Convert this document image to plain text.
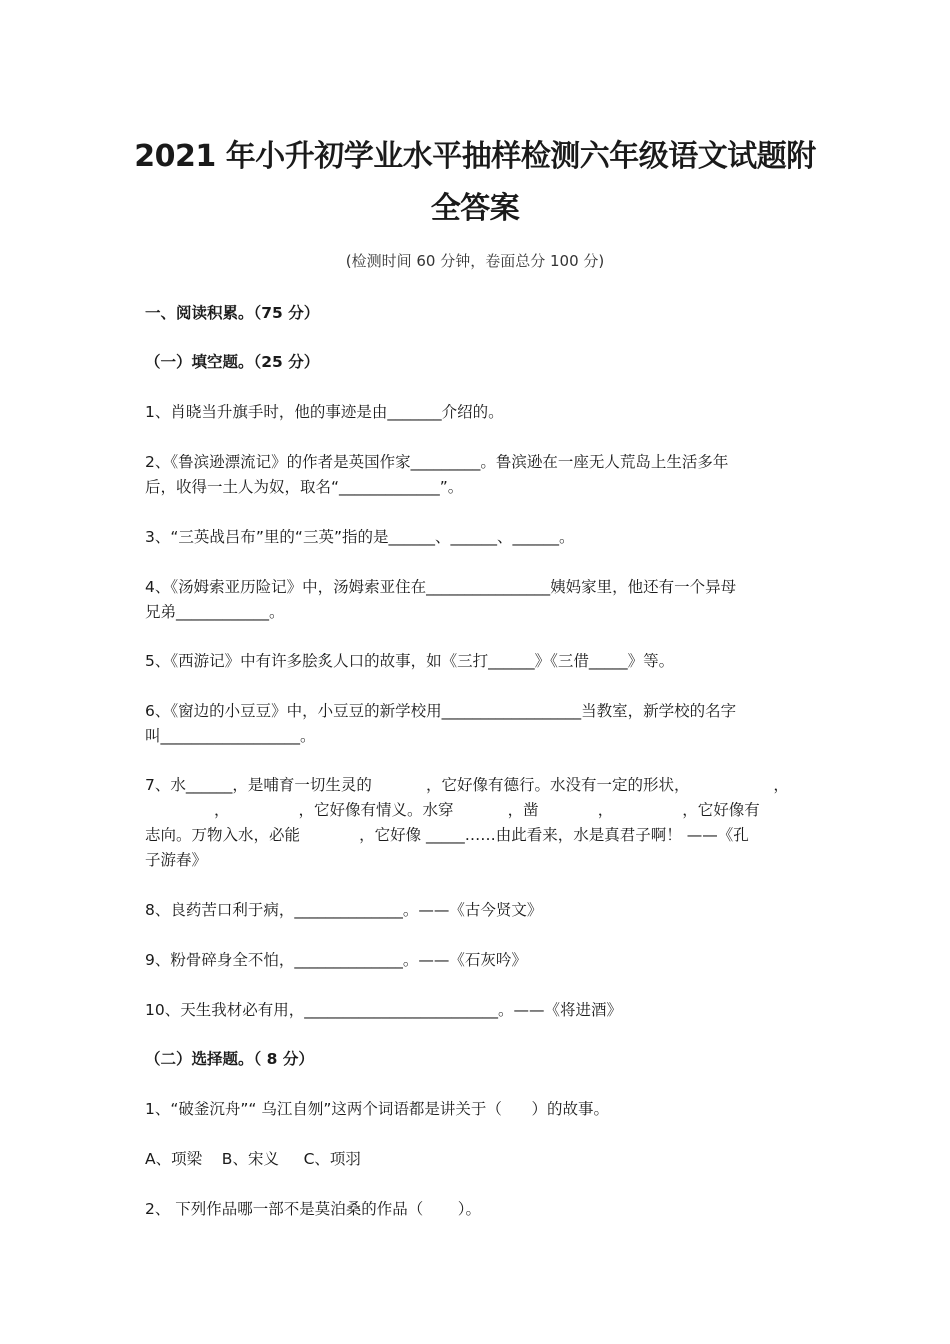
2021 年小升初学业水平抽样检测六年级语文试题附
全答案
(检测时间 60 分钟，卷面总分 100 分)
一、阅读积累。（75 分）
（一）填空题。（25 分）
1、肖晓当升旗手时，他的事迹是由_______介绍的。
2、《鲁滨逊漂流记》的作者是英国作家_________。鲁滨逊在一座无人荒岛上生活多年
后，收得一土人为奴，取名“_____________”。
3、“三英战吕布”里的“三英”指的是______、______、______。
4、《汤姆索亚历险记》中，汤姆索亚住在________________姨妈家里，他还有一个异母
兄弟____________。
5、《西游记》中有许多脍炙人口的故事，如《三打______》《三借_____》等。
6、《窗边的小豆豆》中，小豆豆的新学校用__________________当教室，新学校的名字
叫__________________。
7、水______，是哺育一切生灵的           ，它好像有德行。水没有一定的形状，                 ，
，              ，它好像有情义。水穿           ，凿            ，              ，它好像有
志向。万物入水，必能            ，它好像 _____……由此看来，水是真君子啊！ ——《孔
子游春》
8、良药苦口利于病，______________。——《古今贤文》
9、粉骨碎身全不怕，______________。——《石灰吟》
10、天生我材必有用，_________________________。——《将进酒》
（二）选择题。（ 8 分）
1、“破釜沉舟”“ 乌江自刎”这两个词语都是讲关于（      ）的故事。
A、项梁    B、宋义     C、项羽
2、 下列作品哪一部不是莫泊桑的作品（       ）。
